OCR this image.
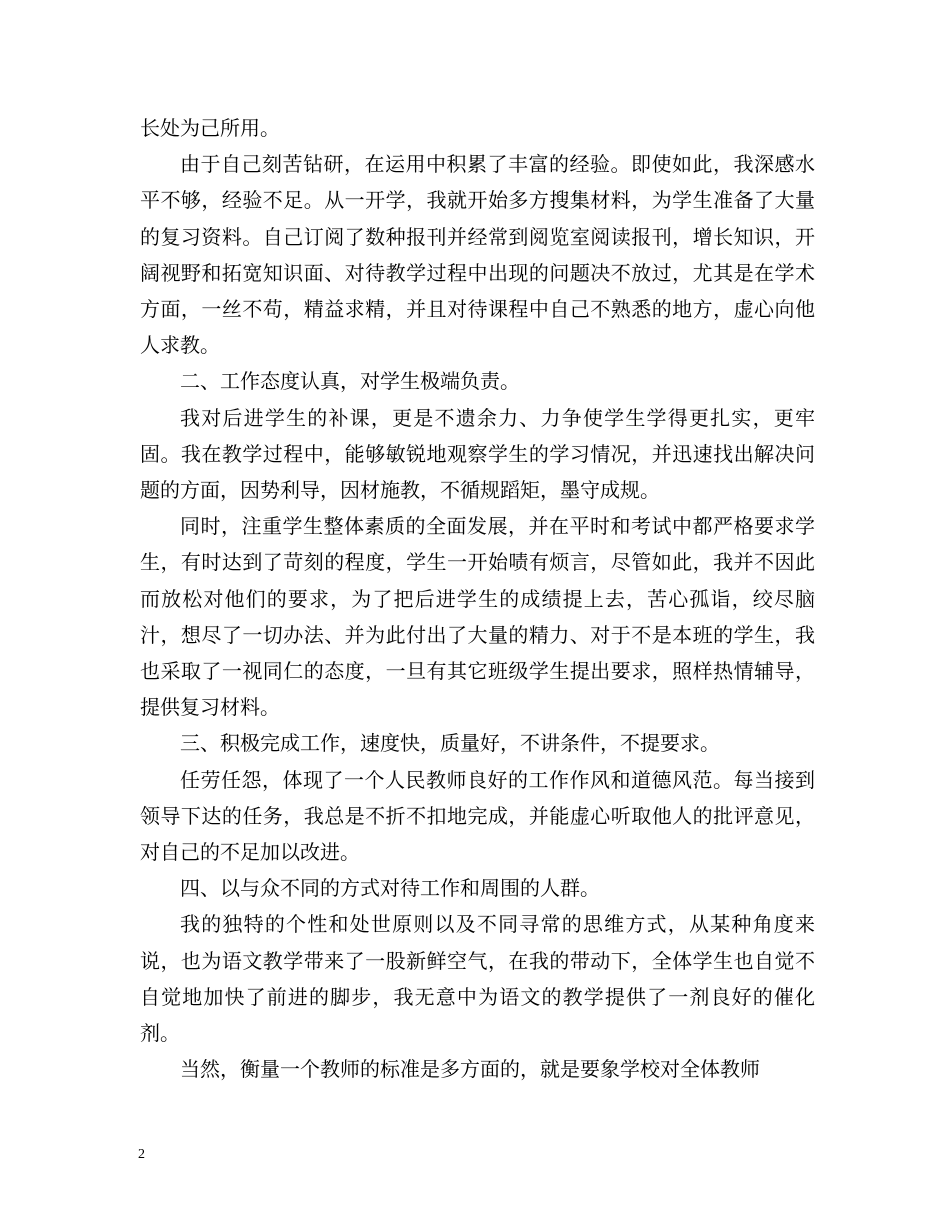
长处为己所用。

由于自己刻苦钻研，在运用中积累了丰富的经验。即使如此，我深感水平不够，经验不足。从一开学，我就开始多方搜集材料，为学生准备了大量的复习资料。自己订阅了数种报刊并经常到阅览室阅读报刊，增长知识，开阔视野和拓宽知识面、对待教学过程中出现的问题决不放过，尤其是在学术方面，一丝不苟，精益求精，并且对待课程中自己不熟悉的地方，虚心向他人求教。

二、工作态度认真，对学生极端负责。

我对后进学生的补课，更是不遗余力、力争使学生学得更扎实，更牢固。我在教学过程中，能够敏锐地观察学生的学习情况，并迅速找出解决问题的方面，因势利导，因材施教，不循规蹈矩，墨守成规。

同时，注重学生整体素质的全面发展，并在平时和考试中都严格要求学生，有时达到了苛刻的程度，学生一开始啧有烦言，尽管如此，我并不因此而放松对他们的要求，为了把后进学生的成绩提上去，苦心孤诣，绞尽脑汁，想尽了一切办法、并为此付出了大量的精力、对于不是本班的学生，我也采取了一视同仁的态度，一旦有其它班级学生提出要求，照样热情辅导，提供复习材料。

三、积极完成工作，速度快，质量好，不讲条件，不提要求。

任劳任怨，体现了一个人民教师良好的工作作风和道德风范。每当接到领导下达的任务，我总是不折不扣地完成，并能虚心听取他人的批评意见，对自己的不足加以改进。

四、以与众不同的方式对待工作和周围的人群。

我的独特的个性和处世原则以及不同寻常的思维方式，从某种角度来说，也为语文教学带来了一股新鲜空气，在我的带动下，全体学生也自觉不自觉地加快了前进的脚步，我无意中为语文的教学提供了一剂良好的催化剂。

当然，衡量一个教师的标准是多方面的，就是要象学校对全体教师

2
